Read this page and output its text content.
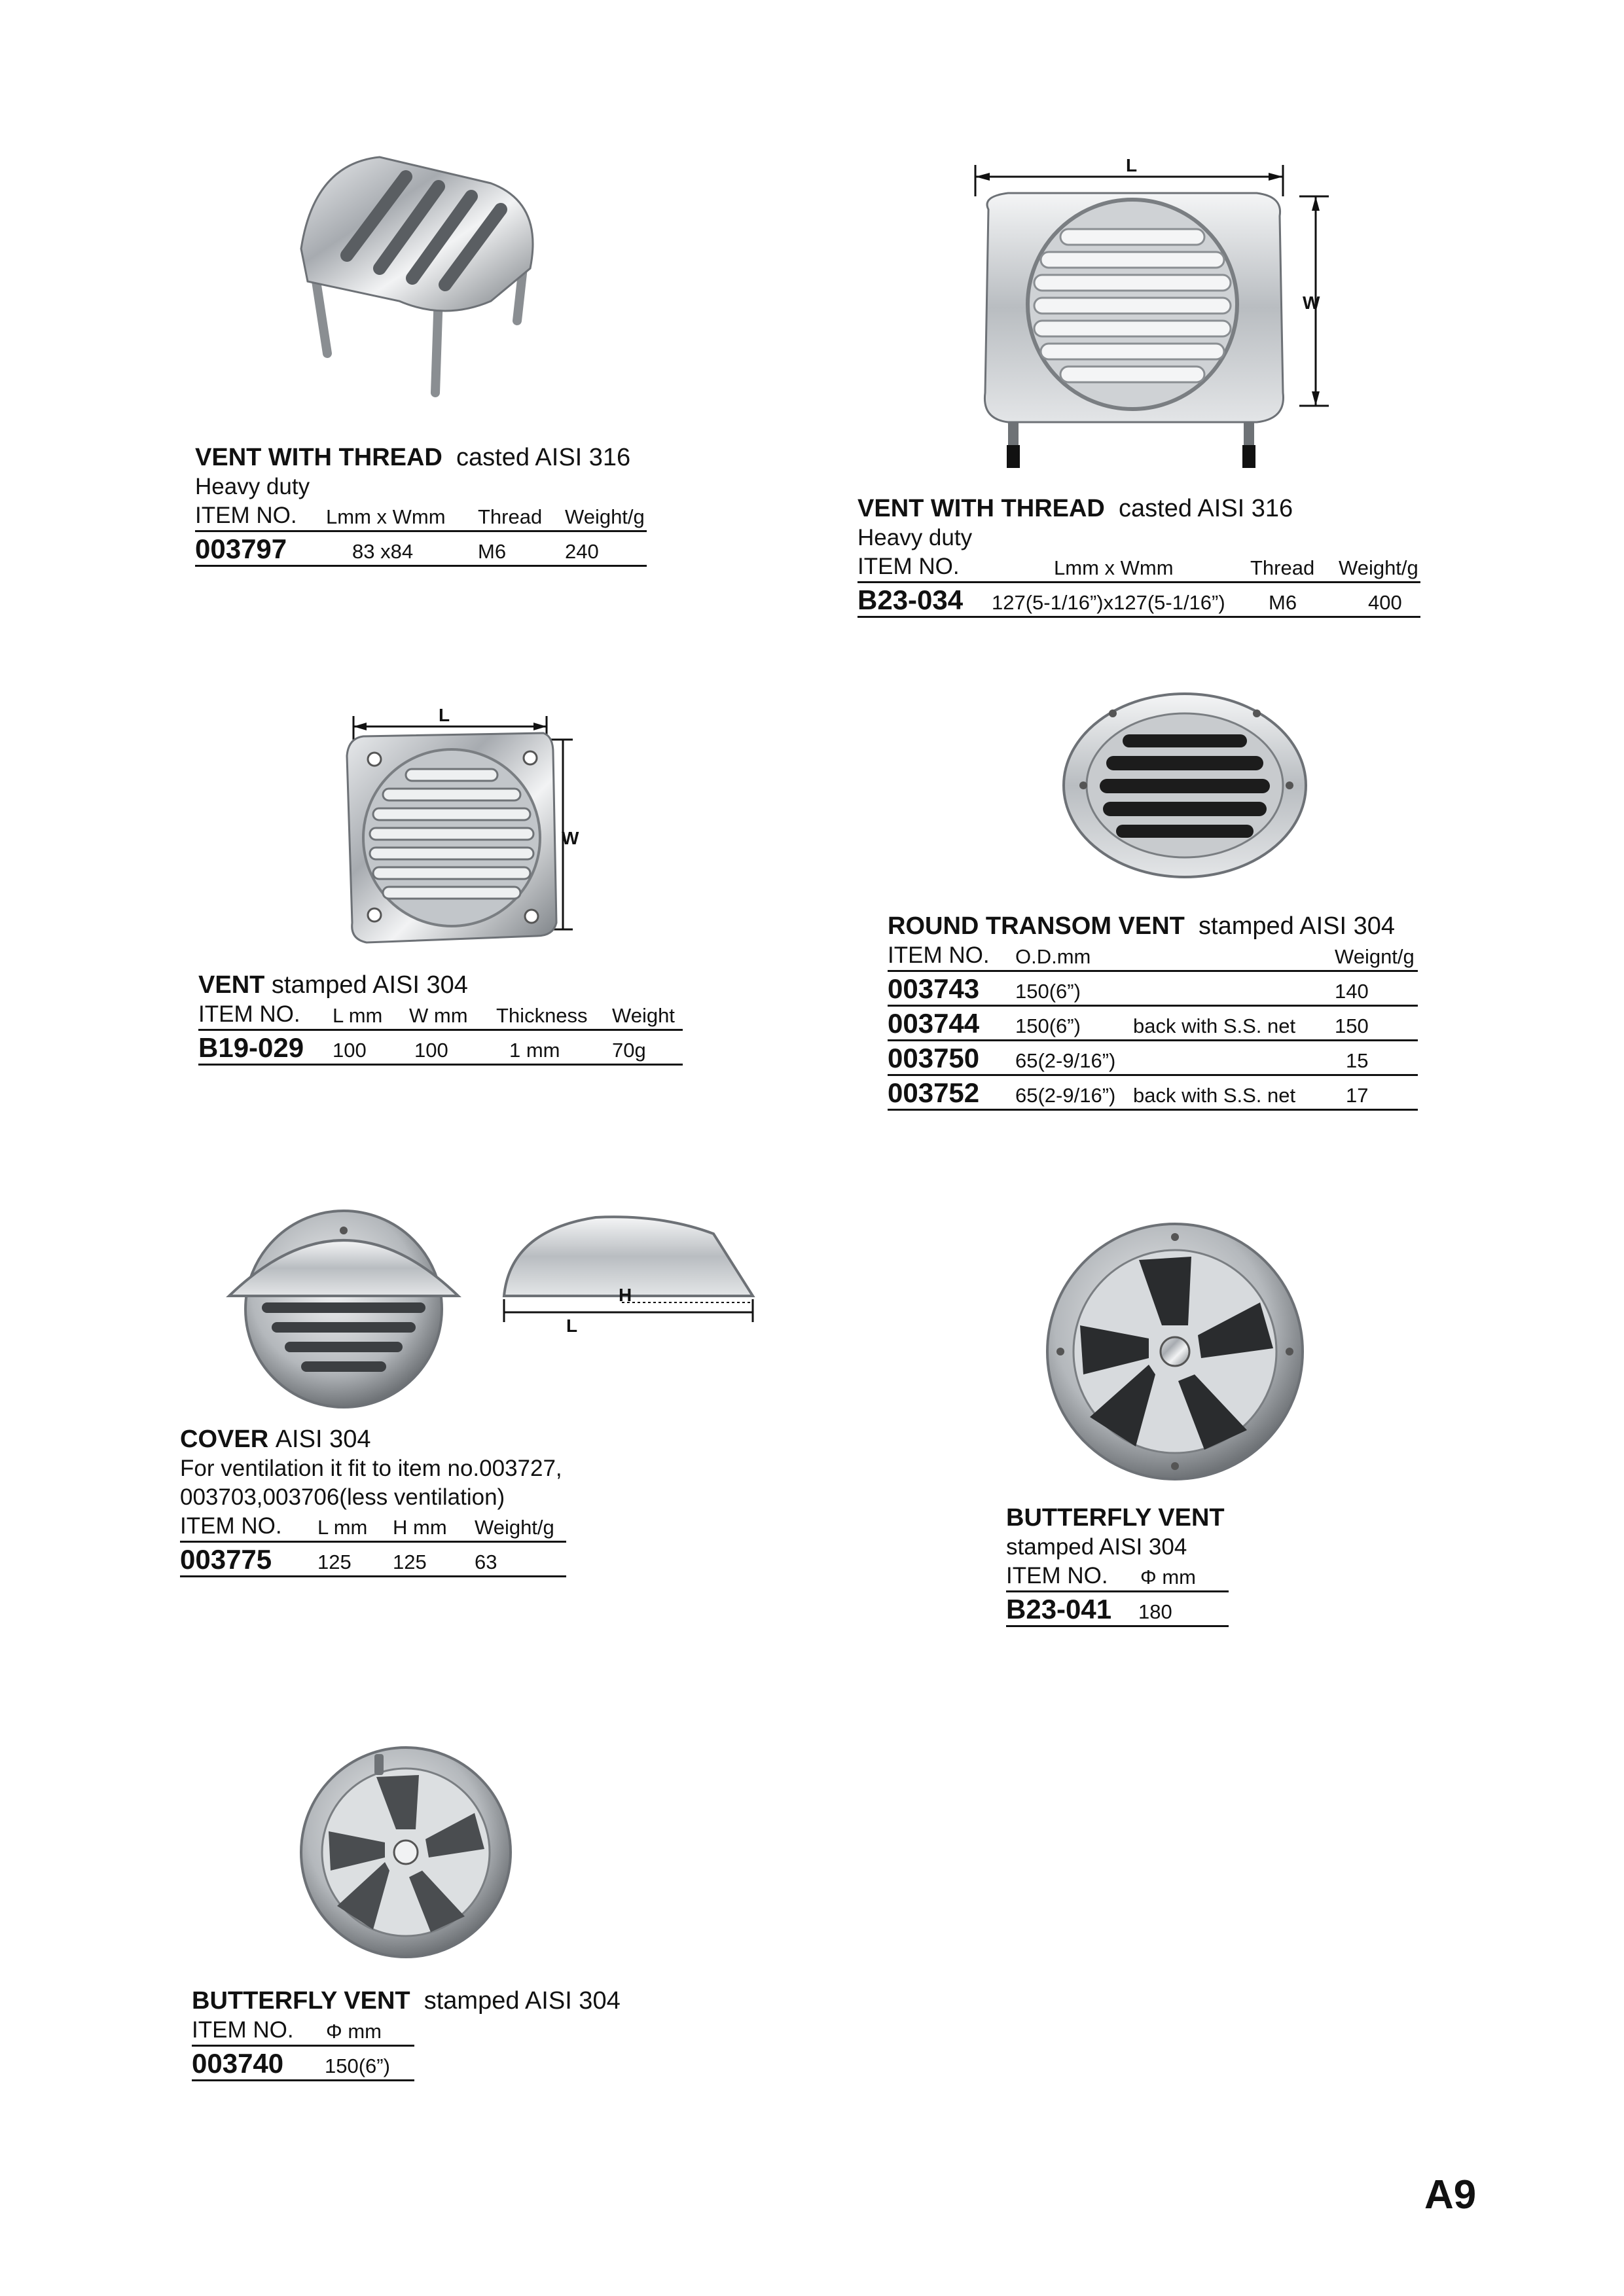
VENT WITH THREAD casted AISI 316
Heavy duty
ITEM NO. Lmm x Wmm Thread Weight/g
003797	83 x84	M6	240
L
W
VENT WITH THREAD casted AISI 316
Heavy duty
ITEM NO.	Lmm x Wmm	Thread Weight/g
B23-034 127(5-1/16”)x127(5-1/16”) M6	400
L
W
VENT stamped AISI 304
ITEM NO. L mm W mm Thickness Weight
B19-029 100 100	1 mm	70g
ROUND TRANSOM VENT stamped AISI 304
ITEM NO. O.D.mm	Weignt/g
003743 150(6”)	140
003744 150(6”)	back with S.S. net 150
003750 65(2-9/16”)	15
003752 65(2-9/16”) back with S.S. net 17
H
L
COVER AISI 304
For ventilation it fit to item no.003727,
003703,003706(less ventilation)
ITEM NO. L mm H mm Weight/g
003775 125 125 63
BUTTERFLY VENT
stamped AISI 304
ITEM NO. Φ mm
B23-041 180
BUTTERFLY VENT stamped AISI 304
ITEM NO. Φ mm
003740 150(6”)
A9
